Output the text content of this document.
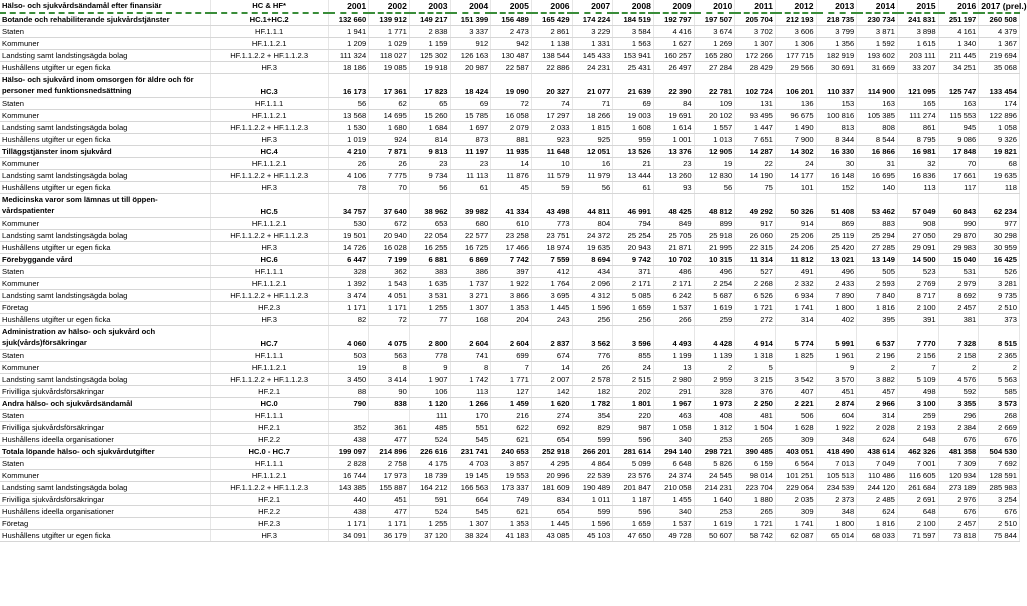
Hälso- och sjukvårdsändamål efter finansiär	HC & HF*	2001	2002	2003	2004	2005	2006	2007	2008	2009	2010	2011	2012	2013	2014	2015	2016	2017 (prel.)
Botande och rehabiliterande sjukvårdstjänster	HC.1+HC.2	132 660	139 912	149 217	151 399	156 489	165 429	174 224	184 519	192 797	197 507	205 704	212 193	218 735	230 734	241 831	251 197	260 508
Staten	HF.1.1.1	1 941	1 771	2 838	3 337	2 473	2 861	3 229	3 584	4 416	3 674	3 702	3 606	3 799	3 871	3 898	4 161	4 379
Kommuner	HF.1.1.2.1	1 209	1 029	1 159	912	942	1 138	1 331	1 563	1 627	1 269	1 307	1 306	1 356	1 592	1 615	1 340	1 367
Landsting samt landstingsägda bolag	HF.1.1.2.2 + HF.1.1.2.3	111 324	118 027	125 302	126 163	130 487	138 544	145 433	153 941	160 257	165 280	172 266	177 715	182 919	193 602	203 111	211 445	219 694
Hushållens utgifter ur egen ficka	HF.3	18 186	19 085	19 918	20 987	22 587	22 886	24 231	25 431	26 497	27 284	28 429	29 566	30 691	31 669	33 207	34 251	35 068
Hälso- och sjukvård inom omsorgen för äldre och för personer med funktionsnedsättning	HC.3	16 173	17 361	17 823	18 424	19 090	20 327	21 077	21 639	22 390	22 781	102 724	106 201	110 337	114 900	121 095	125 747	133 454
Staten	HF.1.1.1	56	62	65	69	72	74	71	69	84	109	131	136	153	163	165	163	174
Kommuner	HF.1.1.2.1	13 568	14 695	15 260	15 785	16 058	17 297	18 266	19 003	19 691	20 102	93 495	96 675	100 816	105 385	111 274	115 553	122 896
Landsting samt landstingsägda bolag	HF.1.1.2.2 + HF.1.1.2.3	1 530	1 680	1 684	1 697	2 079	2 033	1 815	1 608	1 614	1 557	1 447	1 490	813	808	861	945	1 058
Hushållens utgifter ur egen ficka	HF.3	1 019	924	814	873	881	923	925	959	1 001	1 013	7 651	7 900	8 344	8 544	8 795	9 086	9 326
Tilläggstjänster inom sjukvård	HC.4	4 210	7 871	9 813	11 197	11 935	11 648	12 051	13 526	13 376	12 905	14 287	14 302	16 330	16 866	16 981	17 848	19 821
Kommuner	HF.1.1.2.1	26	26	23	23	14	10	16	21	23	19	22	24	30	31	32	70	68
Landsting samt landstingsägda bolag	HF.1.1.2.2 + HF.1.1.2.3	4 106	7 775	9 734	11 113	11 876	11 579	11 979	13 444	13 260	12 830	14 190	14 177	16 148	16 695	16 836	17 661	19 635
Hushållens utgifter ur egen ficka	HF.3	78	70	56	61	45	59	56	61	93	56	75	101	152	140	113	117	118
Medicinska varor som lämnas ut till öppen-vårdspatienter	HC.5	34 757	37 640	38 962	39 982	41 334	43 498	44 811	46 991	48 425	48 812	49 292	50 326	51 408	53 462	57 049	60 843	62 234
Kommuner	HF.1.1.2.1	530	672	653	680	610	773	804	794	849	899	917	914	869	883	908	990	977
Landsting samt landstingsägda bolag	HF.1.1.2.2 + HF.1.1.2.3	19 501	20 940	22 054	22 577	23 258	23 751	24 372	25 254	25 705	25 918	26 060	25 206	25 119	25 294	27 050	29 870	30 298
Hushållens utgifter ur egen ficka	HF.3	14 726	16 028	16 255	16 725	17 466	18 974	19 635	20 943	21 871	21 995	22 315	24 206	25 420	27 285	29 091	29 983	30 959
Förebyggande vård	HC.6	6 447	7 199	6 881	6 869	7 742	7 559	8 694	9 742	10 702	10 315	11 314	11 812	13 021	13 149	14 500	15 040	16 425
Staten	HF.1.1.1	328	362	383	386	397	412	434	371	486	496	527	491	496	505	523	531	526
Kommuner	HF.1.1.2.1	1 392	1 543	1 635	1 737	1 922	1 764	2 096	2 171	2 171	2 254	2 268	2 332	2 433	2 593	2 769	2 979	3 281
Landsting samt landstingsägda bolag	HF.1.1.2.2 + HF.1.1.2.3	3 474	4 051	3 531	3 271	3 866	3 695	4 312	5 085	6 242	5 687	6 526	6 934	7 890	7 840	8 717	8 692	9 735
Företag	HF.2.3	1 171	1 171	1 255	1 307	1 353	1 445	1 596	1 659	1 537	1 619	1 721	1 741	1 800	1 816	2 100	2 457	2 510
Hushållens utgifter ur egen ficka	HF.3	82	72	77	168	204	243	256	256	266	259	272	314	402	395	391	381	373
Administration av hälso- och sjukvård och sjuk(vårds)försäkringar	HC.7	4 060	4 075	2 800	2 604	2 604	2 837	3 562	3 596	4 493	4 428	4 914	5 774	5 991	6 537	7 770	7 328	8 515
Staten	HF.1.1.1	503	563	778	741	699	674	776	855	1 199	1 139	1 318	1 825	1 961	2 196	2 156	2 158	2 365
Kommuner	HF.1.1.2.1	19	8	9	8	7	14	26	24	13	2	5		9	2	7	2	2
Landsting samt landstingsägda bolag	HF.1.1.2.2 + HF.1.1.2.3	3 450	3 414	1 907	1 742	1 771	2 007	2 578	2 515	2 980	2 959	3 215	3 542	3 570	3 882	5 109	4 576	5 563
Frivilliga sjukvårdsförsäkringar	HF.2.1	88	90	106	113	127	142	182	202	291	328	376	407	451	457	498	592	585
Andra hälso- och sjukvårdsändamål	HC.0	790	838	1 120	1 266	1 459	1 620	1 782	1 801	1 967	1 973	2 250	2 221	2 874	2 966	3 100	3 355	3 573
Staten	HF.1.1.1			111	170	216	274	354	220	463	408	481	506	604	314	259	296	268
Frivilliga sjukvårdsförsäkringar	HF.2.1	352	361	485	551	622	692	829	987	1 058	1 312	1 504	1 628	1 922	2 028	2 193	2 384	2 669
Hushållens ideella organisationer	HF.2.2	438	477	524	545	621	654	599	596	340	253	265	309	348	624	648	676	676
Totala löpande hälso- och sjukvårdutgifter	HC.0 - HC.7	199 097	214 896	226 616	231 741	240 653	252 918	266 201	281 614	294 140	298 721	390 485	403 051	418 490	438 614	462 326	481 358	504 530
Staten	HF.1.1.1	2 828	2 758	4 175	4 703	3 857	4 295	4 864	5 099	6 648	5 826	6 159	6 564	7 013	7 049	7 001	7 309	7 692
Kommuner	HF.1.1.2.1	16 744	17 973	18 739	19 145	19 553	20 996	22 539	23 576	24 374	24 545	98 014	101 251	105 513	110 486	116 605	120 934	128 591
Landsting samt landstingsägda bolag	HF.1.1.2.2 + HF.1.1.2.3	143 385	155 887	164 212	166 563	173 337	181 609	190 489	201 847	210 058	214 231	223 704	229 064	234 539	244 120	261 684	273 189	285 983
Frivilliga sjukvårdsförsäkringar	HF.2.1	440	451	591	664	749	834	1 011	1 187	1 455	1 640	1 880	2 035	2 373	2 485	2 691	2 976	3 254
Hushållens ideella organisationer	HF.2.2	438	477	524	545	621	654	599	596	340	253	265	309	348	624	648	676	676
Företag	HF.2.3	1 171	1 171	1 255	1 307	1 353	1 445	1 596	1 659	1 537	1 619	1 721	1 741	1 800	1 816	2 100	2 457	2 510
Hushållens utgifter ur egen ficka	HF.3	34 091	36 179	37 120	38 324	41 183	43 085	45 103	47 650	49 728	50 607	58 742	62 087	65 014	68 033	71 597	73 818	75 844
